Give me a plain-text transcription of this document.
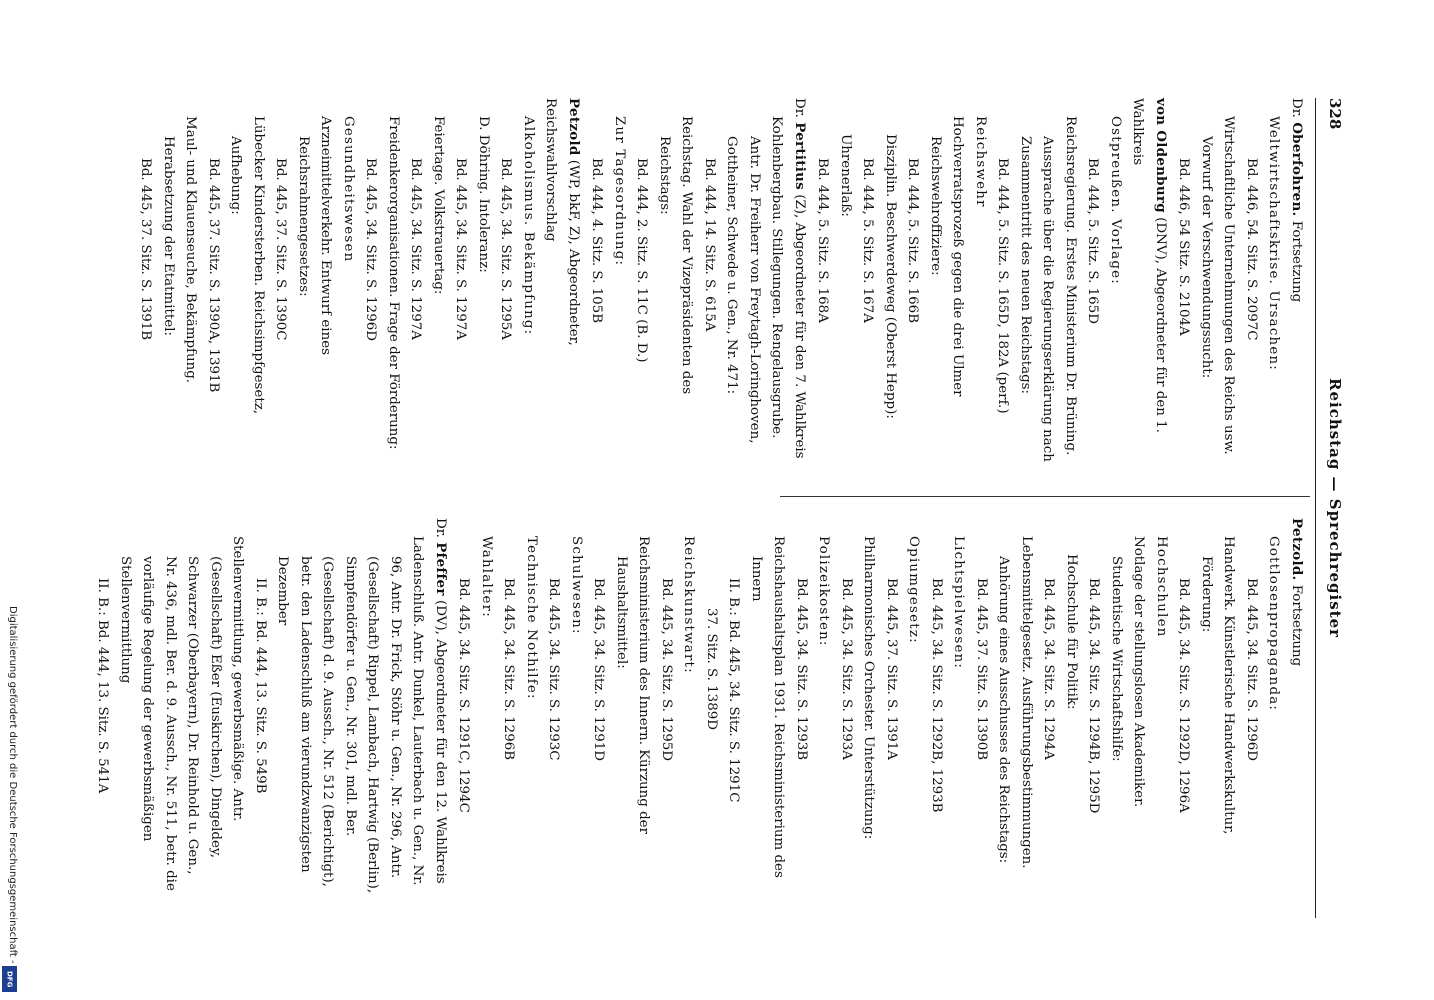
Digitalisierung gefördert durch die Deutsche Forschungsgemeinschaft -
DFG
328
Reichstag — Sprechregister

Dr. Oberfohren. Fortsetzung

Weltwirtschaftskrise. Ursachen:

Bd. 446, 54. Sitz. S. 2097C

Wirtschaftliche Unternehmungen des Reichs usw. Vorwurf der Verschwendungssucht:

Bd. 446, 54 Sitz. S. 2104A

von Oldenburg (DNV), Abgeordneter für den 1. Wahlkreis

Ostpreußen. Vorlage:

Bd. 444, 5. Sitz. S. 165D

Reichsregierung. Erstes Ministerium Dr. Brüning. Aussprache über die Regierungserklärung nach Zusammentritt des neuen Reichstags:

Bd. 444, 5. Sitz. S. 165D, 182A (perf.)

Reichswehr

Hochverratsprozeß gegen die drei Ulmer Reichswehroffiziere:

Bd. 444, 5. Sitz. S. 166B

Disziplin. Beschwerdeweg (Oberst Hepp):

Bd. 444, 5. Sitz. S. 167A

Uhrenerlaß:

Bd. 444, 5. Sitz. S. 168A

Dr. Pertitius (Z), Abgeordneter für den 7. Wahlkreis

Kohlenbergbau. Stillegungen. Rengelausgrube. Antr. Dr. Freiherr von Freytagh-Loringhoven, Gottheiner, Schwede u. Gen., Nr. 471:

Bd. 444, 14. Sitz. S. 615A

Reichstag. Wahl der Vizepräsidenten des Reichstags:

Bd. 444, 2. Sitz. S. 11C (B. D.)

Zur Tagesordnung:

Bd. 444, 4. Sitz. S. 105B

Petzold (WP, bkF, Z), Abgeordneter, Reichswahlvorschlag

Alkoholismus. Bekämpfung:

Bd. 445, 34. Sitz. S. 1295A

D. Döhring. Intoleranz:

Bd. 445, 34. Sitz. S. 1297A

Feiertage. Volkstrauertag:

Bd. 445, 34. Sitz. S. 1297A

Freidenkerorganisationen. Frage der Förderung:

Bd. 445, 34. Sitz. S. 1296D

Gesundheitswesen

Arzneimittelverkehr. Entwurf eines Reichsrahmengesetzes:

Bd. 445, 37. Sitz. S. 1390C

Lübecker Kindersterben. Reichsimpfgesetz, Aufhebung:

Bd. 445, 37. Sitz. S. 1390A, 1391B

Maul- und Klauenseuche, Bekämpfung. Herabsetzung der Etatmittel:

Bd. 445, 37. Sitz. S. 1391B

Petzold. Fortsetzung

Gottlosenpropaganda:

Bd. 445, 34. Sitz. S. 1296D

Handwerk. Künstlerische Handwerkskultur, Förderung:

Bd. 445, 34. Sitz. S. 1292D, 1296A

Hochschulen

Notlage der stellungslosen Akademiker. Studentische Wirtschaftshilfe:

Bd. 445, 34. Sitz. S. 1294B, 1295D

Hochschule für Politik:

Bd. 445, 34. Sitz. S. 1294A

Lebensmittelgesetz. Ausführungsbestimmungen. Anhörung eines Ausschusses des Reichstags:

Bd. 445, 37. Sitz. S. 1390B

Lichtspielwesen:

Bd. 445, 34. Sitz. S. 1292B, 1293B

Opiumgesetz:

Bd. 445, 37. Sitz. S. 1391A

Philharmonisches Orchester. Unterstützung:

Bd. 445, 34. Sitz. S. 1293A

Polizeikosten:

Bd. 445, 34. Sitz. S. 1293B

Reichshaushaltsplan 1931. Reichsministerium des Innern

II. B.: Bd. 445, 34. Sitz. S. 1291C

37. Sitz. S. 1389D

Reichskunstwart:

Bd. 445, 34. Sitz. S. 1295D

Reichsministerium des Innern. Kürzung der Haushaltsmittel:

Bd. 445, 34. Sitz. S. 1291D

Schulwesen:

Bd. 445, 34. Sitz. S. 1293C

Technische Nothilfe:

Bd. 445, 34. Sitz. S. 1296B

Wahlalter:

Bd. 445, 34. Sitz. S. 1291C, 1294C

Dr. Pfeffer (DV), Abgeordneter für den 12. Wahlkreis

Ladenschluß. Antr. Dunkel, Lauterbach u. Gen., Nr. 96, Antr. Dr. Frick, Stöhr u. Gen., Nr. 296, Antr. (Gesellschaft) Rippel, Lambach, Hartwig (Berlin), Simpfendörfer u. Gen., Nr. 301, mdl. Ber. (Gesellschaft) d. 9. Aussch., Nr. 512 (Berichtigt), betr. den Ladenschluß am vierundzwanzigsten Dezember

II. B.: Bd. 444, 13. Sitz. S. 549B

Stellenvermittlung, gewerbsmäßige. Antr. (Gesellschaft) Eßer (Euskirchen), Dingeldey, Schwarzer (Oberbayern), Dr. Reinhold u. Gen., Nr. 436, mdl. Ber. d. 9. Aussch., Nr. 511, betr. die vorläufige Regelung der gewerbsmäßigen Stellenvermittlung

II. B.: Bd. 444, 13. Sitz. S. 541A
